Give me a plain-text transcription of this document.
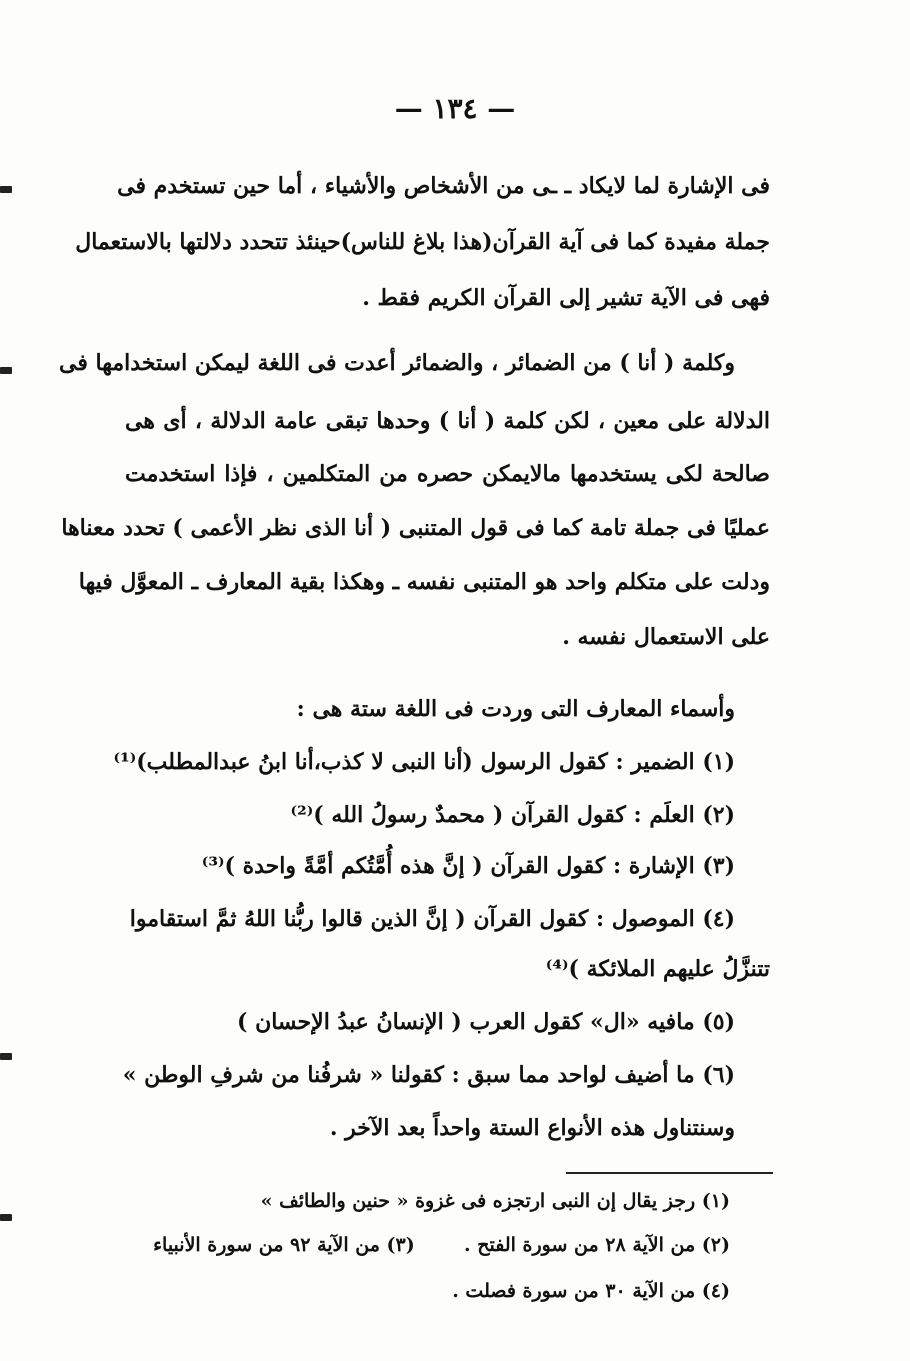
— ١٣٤ —
فى الإشارة لما لايكاد ـ ـى من الأشخاص والأشياء ، أما حين تستخدم فى
جملة مفيدة كما فى آية القرآن(هذا بلاغ للناس)حينئذ تتحدد دلالتها بالاستعمال
فهى فى الآية تشير إلى القرآن الكريم فقط .
وكلمة ( أنا ) من الضمائر ، والضمائر أعدت فى اللغة ليمكن استخدامها فى
الدلالة على معين ، لكن كلمة ( أنا ) وحدها تبقى عامة الدلالة ، أى هى
صالحة لكى يستخدمها مالايمكن حصره من المتكلمين ، فإذا استخدمت
عمليًا فى جملة تامة كما فى قول المتنبى ( أنا الذى نظر الأعمى ) تحدد معناها
ودلت على متكلم واحد هو المتنبى نفسه ـ وهكذا بقية المعارف ـ المعوَّل فيها
على الاستعمال نفسه .
وأسماء المعارف التى وردت فى اللغة ستة هى :
(١) الضمير : كقول الرسول (أنا النبى لا كذب،أنا ابنُ عبدالمطلب)⁽¹⁾
(٢) العلَم : كقول القرآن ( محمدٌ رسولُ الله )⁽²⁾
(٣) الإشارة : كقول القرآن ( إنَّ هذه أُمَّتُكم أمَّةً واحدة )⁽³⁾
(٤) الموصول : كقول القرآن ( إنَّ الذين قالوا ربُّنا اللهُ ثمَّ استقاموا
تتنزَّلُ عليهم الملائكة )⁽⁴⁾
(٥) مافيه «ال» كقول العرب ( الإنسانُ عبدُ الإحسان )
(٦) ما أضيف لواحد مما سبق : كقولنا « شرفُنا من شرفِ الوطن »
وسنتناول هذه الأنواع الستة واحداً بعد الآخر .
(١) رجز يقال إن النبى ارتجزه فى غزوة « حنين والطائف »
(٢) من الآية ٢٨ من سورة الفتح .  (٣) من الآية ٩٢ من سورة الأنبياء
(٤) من الآية ٣٠ من سورة فصلت .
